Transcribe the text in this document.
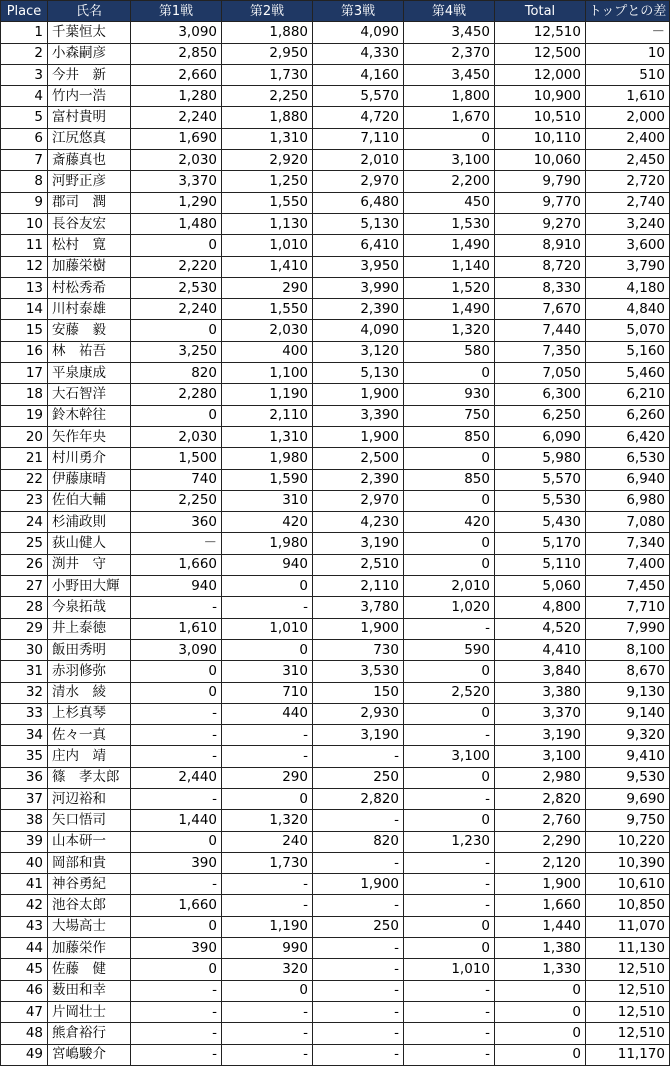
Place	氏名	第1戦	第2戦	第3戦	第4戦	Total	トップとの差
1	千葉恒太	3,090	1,880	4,090	3,450	12,510	－
2	小森嗣彦	2,850	2,950	4,330	2,370	12,500	10
3	今井　新	2,660	1,730	4,160	3,450	12,000	510
4	竹内一浩	1,280	2,250	5,570	1,800	10,900	1,610
5	富村貴明	2,240	1,880	4,720	1,670	10,510	2,000
6	江尻悠真	1,690	1,310	7,110	0	10,110	2,400
7	斎藤真也	2,030	2,920	2,010	3,100	10,060	2,450
8	河野正彦	3,370	1,250	2,970	2,200	9,790	2,720
9	郡司　潤	1,290	1,550	6,480	450	9,770	2,740
10	長谷友宏	1,480	1,130	5,130	1,530	9,270	3,240
11	松村　寛	0	1,010	6,410	1,490	8,910	3,600
12	加藤栄樹	2,220	1,410	3,950	1,140	8,720	3,790
13	村松秀希	2,530	290	3,990	1,520	8,330	4,180
14	川村泰雄	2,240	1,550	2,390	1,490	7,670	4,840
15	安藤　毅	0	2,030	4,090	1,320	7,440	5,070
16	林　祐吾	3,250	400	3,120	580	7,350	5,160
17	平泉康成	820	1,100	5,130	0	7,050	5,460
18	大石智洋	2,280	1,190	1,900	930	6,300	6,210
19	鈴木幹往	0	2,110	3,390	750	6,250	6,260
20	矢作年央	2,030	1,310	1,900	850	6,090	6,420
21	村川勇介	1,500	1,980	2,500	0	5,980	6,530
22	伊藤康晴	740	1,590	2,390	850	5,570	6,940
23	佐伯大輔	2,250	310	2,970	0	5,530	6,980
24	杉浦政則	360	420	4,230	420	5,430	7,080
25	荻山健人	－	1,980	3,190	0	5,170	7,340
26	渕井　守	1,660	940	2,510	0	5,110	7,400
27	小野田大輝	940	0	2,110	2,010	5,060	7,450
28	今泉拓哉	-	-	3,780	1,020	4,800	7,710
29	井上泰徳	1,610	1,010	1,900	-	4,520	7,990
30	飯田秀明	3,090	0	730	590	4,410	8,100
31	赤羽修弥	0	310	3,530	0	3,840	8,670
32	清水　綾	0	710	150	2,520	3,380	9,130
33	上杉真琴	-	440	2,930	0	3,370	9,140
34	佐々一真	-	-	3,190	-	3,190	9,320
35	庄内　靖	-	-	-	3,100	3,100	9,410
36	篠　孝太郎	2,440	290	250	0	2,980	9,530
37	河辺裕和	-	0	2,820	-	2,820	9,690
38	矢口悟司	1,440	1,320	-	0	2,760	9,750
39	山本研一	0	240	820	1,230	2,290	10,220
40	岡部和貴	390	1,730	-	-	2,120	10,390
41	神谷勇紀	-	-	1,900	-	1,900	10,610
42	池谷太郎	1,660	-	-	-	1,660	10,850
43	大場高士	0	1,190	250	0	1,440	11,070
44	加藤栄作	390	990	-	0	1,380	11,130
45	佐藤　健	0	320	-	1,010	1,330	12,510
46	薮田和幸	-	0	-	-	0	12,510
47	片岡壮士	-	-	-	-	0	12,510
48	熊倉裕行	-	-	-	-	0	12,510
49	宮嶋駿介	-	-	-	-	0	11,170
